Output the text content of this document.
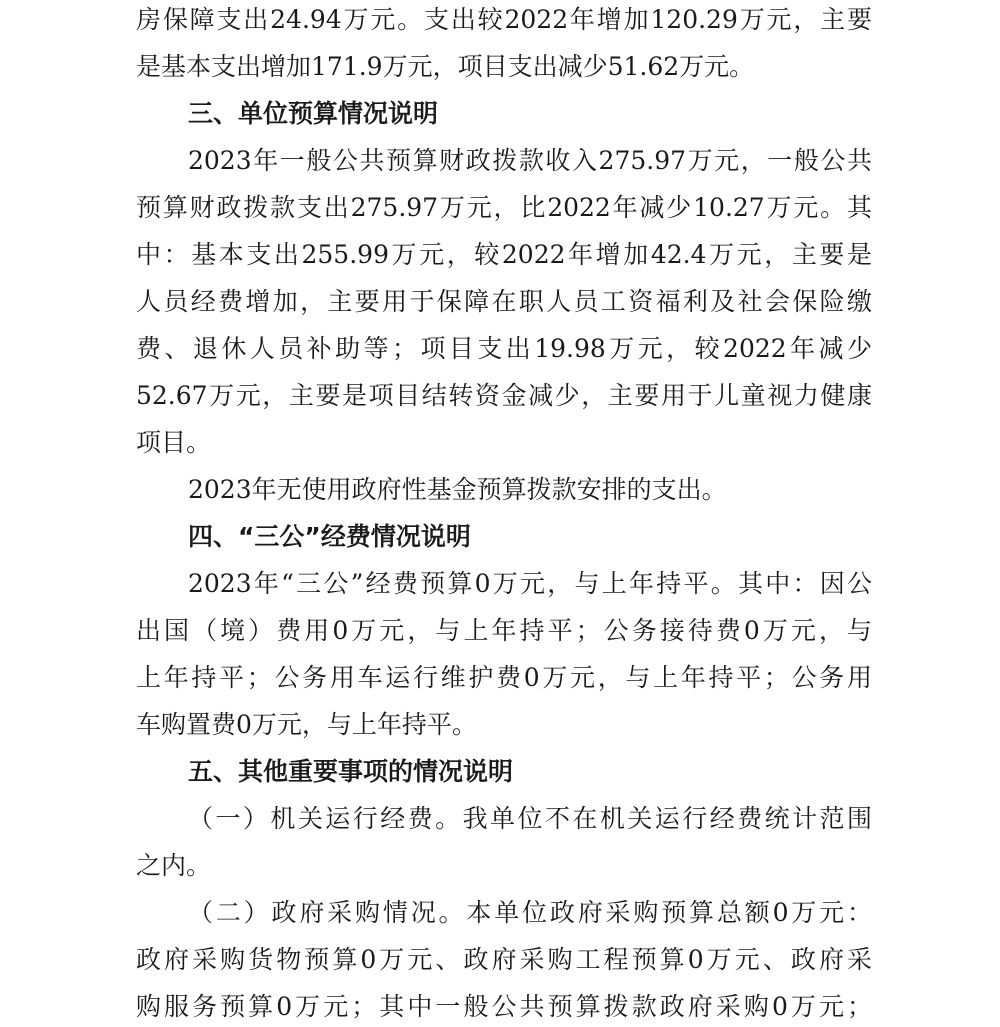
房保障支出24.94万元。支出较2022年增加120.29万元，主要
是基本支出增加171.9万元，项目支出减少51.62万元。
三、单位预算情况说明
2023年一般公共预算财政拨款收入275.97万元，一般公共
预算财政拨款支出275.97万元，比2022年减少10.27万元。其
中：基本支出255.99万元，较2022年增加42.4万元，主要是
人员经费增加，主要用于保障在职人员工资福利及社会保险缴
费、退休人员补助等；项目支出19.98万元，较2022年减少
52.67万元，主要是项目结转资金减少，主要用于儿童视力健康
项目。
2023年无使用政府性基金预算拨款安排的支出。
四、“三公”经费情况说明
2023年“三公”经费预算0万元，与上年持平。其中：因公
出国（境）费用0万元，与上年持平；公务接待费0万元，与
上年持平；公务用车运行维护费0万元，与上年持平；公务用
车购置费0万元，与上年持平。
五、其他重要事项的情况说明
（一）机关运行经费。我单位不在机关运行经费统计范围
之内。
（二）政府采购情况。本单位政府采购预算总额0万元：
政府采购货物预算0万元、政府采购工程预算0万元、政府采
购服务预算0万元；其中一般公共预算拨款政府采购0万元；
